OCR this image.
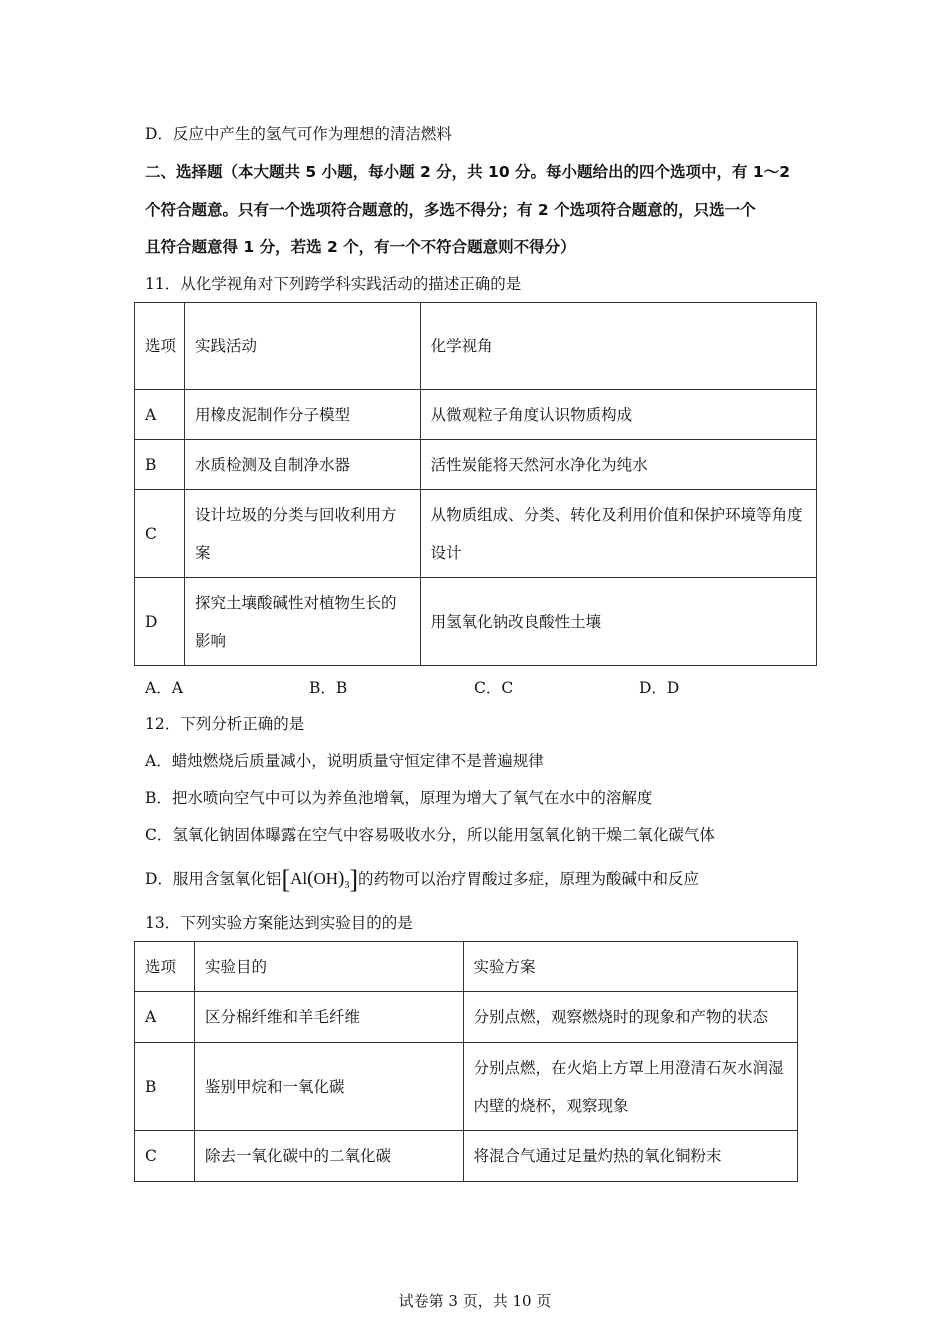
D．反应中产生的氢气可作为理想的清洁燃料
二、选择题（本大题共 5 小题，每小题 2 分，共 10 分。每小题给出的四个选项中，有 1～2
个符合题意。只有一个选项符合题意的，多选不得分；有 2 个选项符合题意的，只选一个
且符合题意得 1 分，若选 2 个，有一个不符合题意则不得分）
11．从化学视角对下列跨学科实践活动的描述正确的是
选项	实践活动	化学视角
A	用橡皮泥制作分子模型	从微观粒子角度认识物质构成
B	水质检测及自制净水器	活性炭能将天然河水净化为纯水
C	设计垃圾的分类与回收利用方案	从物质组成、分类、转化及利用价值和保护环境等角度设计
D	探究土壤酸碱性对植物生长的影响	用氢氧化钠改良酸性土壤
A．A	B．B	C．C	D．D
12．下列分析正确的是
A．蜡烛燃烧后质量减小，说明质量守恒定律不是普遍规律
B．把水喷向空气中可以为养鱼池增氧，原理为增大了氧气在水中的溶解度
C．氢氧化钠固体曝露在空气中容易吸收水分，所以能用氢氧化钠干燥二氧化碳气体
D．服用含氢氧化铝$[Al(OH)_3]$的药物可以治疗胃酸过多症，原理为酸碱中和反应
13．下列实验方案能达到实验目的的是
选项	实验目的	实验方案
A	区分棉纤维和羊毛纤维	分别点燃，观察燃烧时的现象和产物的状态
B	鉴别甲烷和一氧化碳	分别点燃，在火焰上方罩上用澄清石灰水润湿内壁的烧杯，观察现象
C	除去一氧化碳中的二氧化碳	将混合气通过足量灼热的氧化铜粉末
试卷第 3 页，共 10 页
